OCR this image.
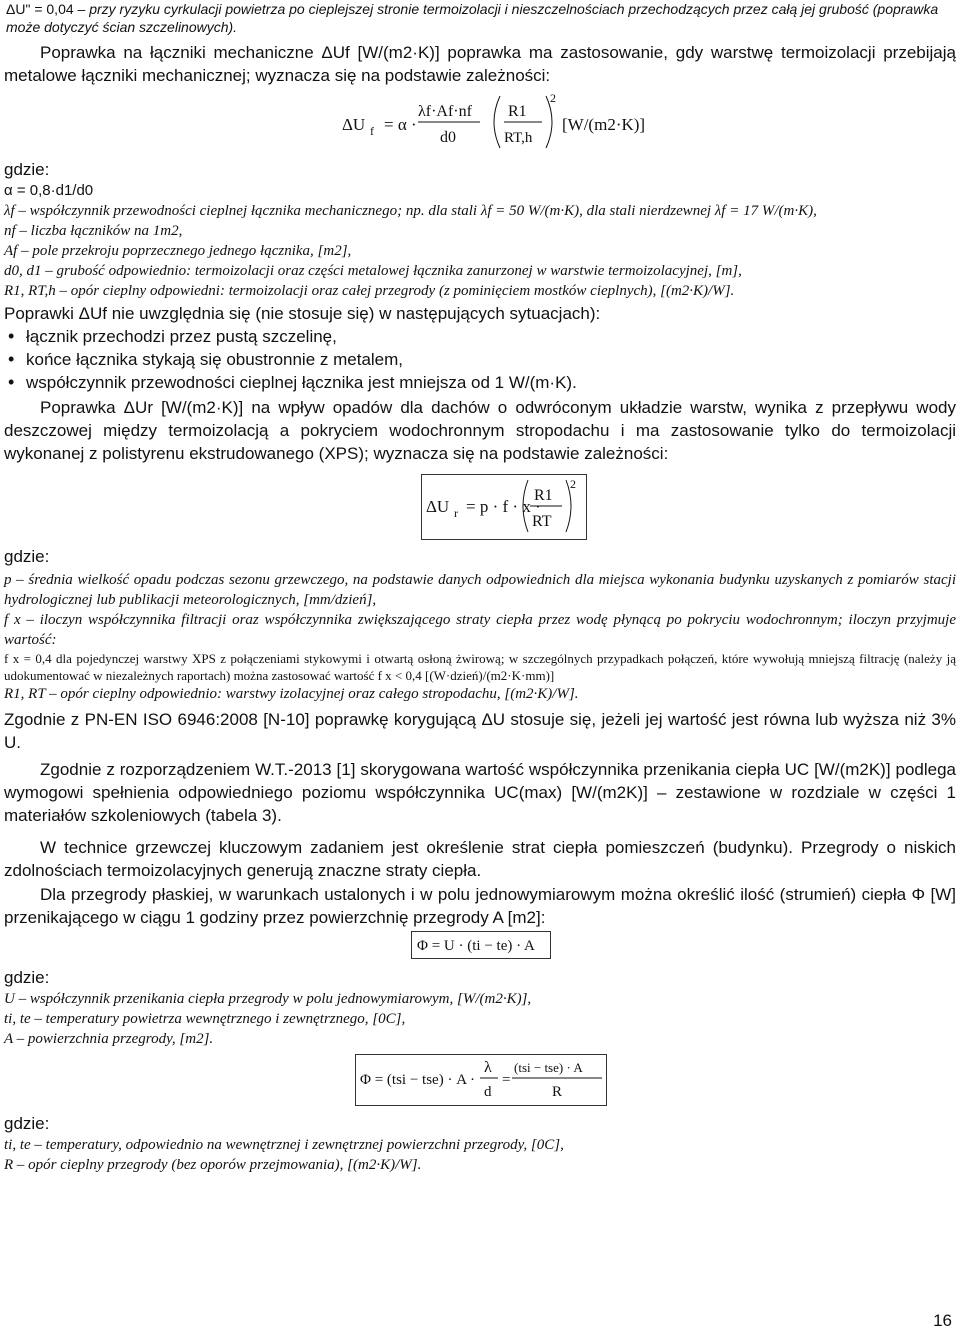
ΔU" = 0,04 – przy ryzyku cyrkulacji powietrza po cieplejszej stronie termoizolacji i nieszczelnościach przechodzących przez całą jej grubość (poprawka może dotyczyć ścian szczelinowych).

Poprawka na łączniki mechaniczne ΔUf [W/(m2·K)] poprawka ma zastosowanie, gdy warstwę termoizolacji przebijają metalowe łączniki mechanicznej; wyznacza się na podstawie zależności:

ΔU f = α ·
λf·Af·nf
d0
R1
RT,h
2
[W/(m2·K)]
gdzie:
α = 0,8·d1/d0
λf – współczynnik przewodności cieplnej łącznika mechanicznego; np. dla stali λf = 50 W/(m·K), dla stali nierdzewnej λf = 17 W/(m·K),
nf – liczba łączników na 1m2,
Af – pole przekroju poprzecznego jednego łącznika, [m2],
d0, d1 – grubość odpowiednio: termoizolacji oraz części metalowej łącznika zanurzonej w warstwie termoizolacyjnej, [m],
R1, RT,h – opór cieplny odpowiedni: termoizolacji oraz całej przegrody (z pominięciem mostków cieplnych), [(m2·K)/W].
Poprawki ΔUf nie uwzględnia się (nie stosuje się) w następujących sytuacjach):
• łącznik przechodzi przez pustą szczelinę,
• końce łącznika stykają się obustronnie z metalem,
• współczynnik przewodności cieplnej łącznika jest mniejsza od 1 W/(m·K).

Poprawka ΔUr [W/(m2·K)] na wpływ opadów dla dachów o odwróconym układzie warstw, wynika z przepływu wody deszczowej między termoizolacją a pokryciem wodochronnym stropodachu i ma zastosowanie tylko do termoizolacji wykonanej z polistyrenu ekstrudowanego (XPS); wyznacza się na podstawie zależności:

ΔU r = p · f · x ·
R1
RT
2
gdzie:
p – średnia wielkość opadu podczas sezonu grzewczego, na podstawie danych odpowiednich dla miejsca wykonania budynku uzyskanych z pomiarów stacji hydrologicznej lub publikacji meteorologicznych, [mm/dzień],
f x – iloczyn współczynnika filtracji oraz współczynnika zwiększającego straty ciepła przez wodę płynącą po pokryciu wodochronnym; iloczyn przyjmuje wartość:
f x = 0,4 dla pojedynczej warstwy XPS z połączeniami stykowymi i otwartą osłoną żwirową; w szczególnych przypadkach połączeń, które wywołują mniejszą filtrację (należy ją udokumentować w niezależnych raportach) można zastosować wartość f x < 0,4 [(W·dzień)/(m2·K·mm)]
R1, RT – opór cieplny odpowiednio: warstwy izolacyjnej oraz całego stropodachu, [(m2·K)/W].

Zgodnie z PN-EN ISO 6946:2008 [N-10] poprawkę korygującą ΔU stosuje się, jeżeli jej wartość jest równa lub wyższa niż 3% U.

Zgodnie z rozporządzeniem W.T.-2013 [1] skorygowana wartość współczynnika przenikania ciepła UC [W/(m2K)] podlega wymogowi spełnienia odpowiedniego poziomu współczynnika UC(max) [W/(m2K)] – zestawione w rozdziale w części 1 materiałów szkoleniowych (tabela 3).

W technice grzewczej kluczowym zadaniem jest określenie strat ciepła pomieszczeń (budynku). Przegrody o niskich zdolnościach termoizolacyjnych generują znaczne straty ciepła.

Dla przegrody płaskiej, w warunkach ustalonych i w polu jednowymiarowym można określić ilość (strumień) ciepła Φ [W] przenikającego w ciągu 1 godziny przez powierzchnię przegrody A [m2]:

Φ = U · (ti − te) · A
gdzie:
U – współczynnik przenikania ciepła przegrody w polu jednowymiarowym, [W/(m2·K)],
ti, te – temperatury powietrza wewnętrznego i zewnętrznego, [0C],
A – powierzchnia przegrody, [m2].
Φ = (tsi − tse) · A ·
λ
d
=
(tsi − tse) · A
R
gdzie:
ti, te – temperatury, odpowiednio na wewnętrznej i zewnętrznej powierzchni przegrody, [0C],
R – opór cieplny przegrody (bez oporów przejmowania), [(m2·K)/W].
16
